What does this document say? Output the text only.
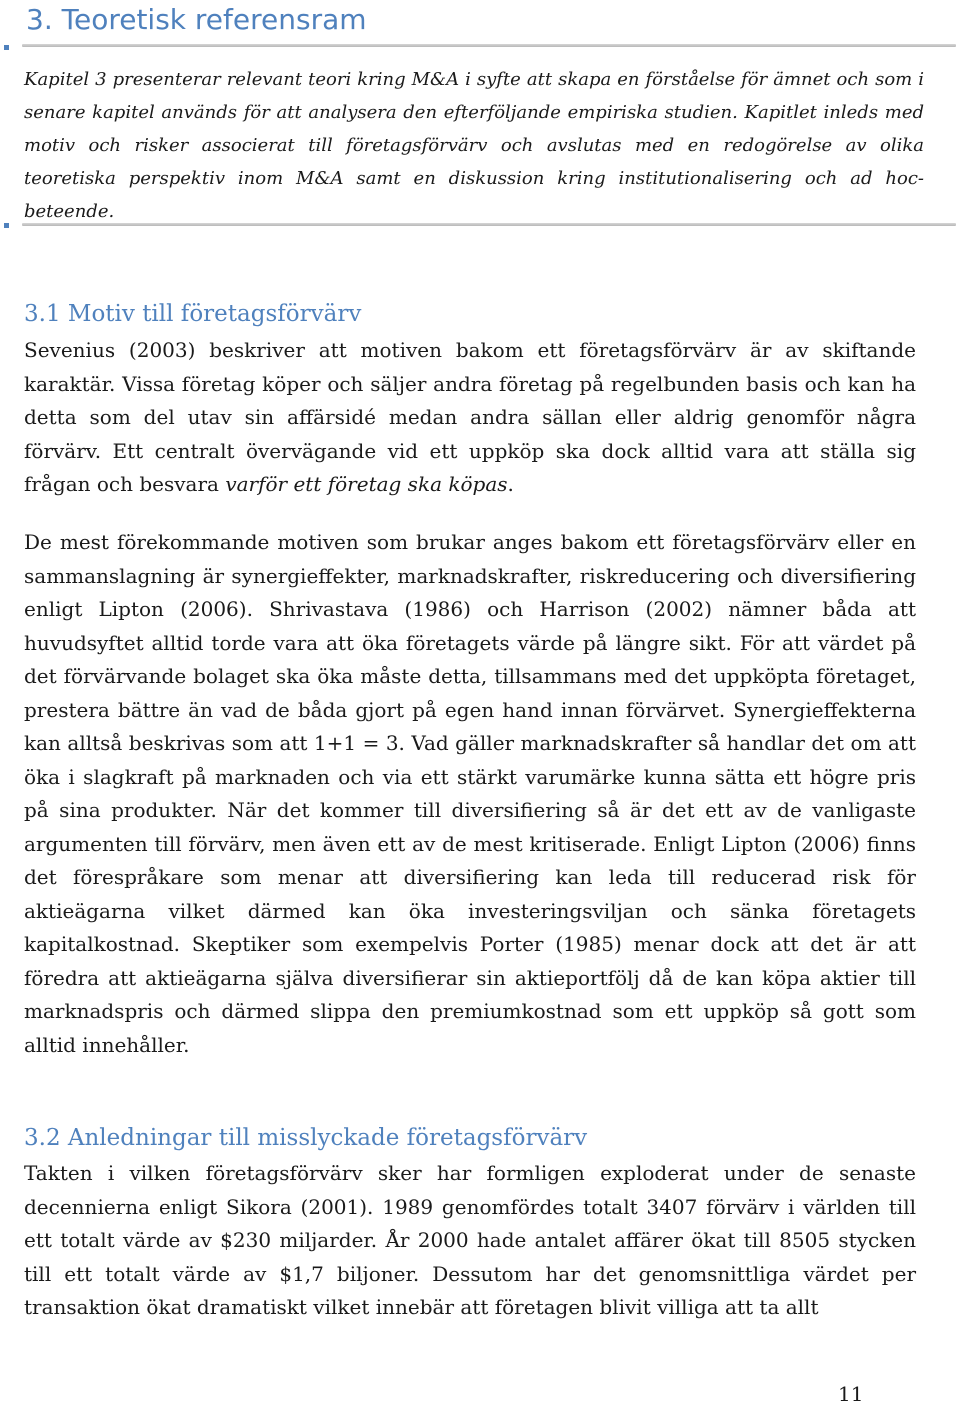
3. Teoretisk referensram

Kapitel 3 presenterar relevant teori kring M&A i syfte att skapa en förståelse för ämnet och som i senare kapitel används för att analysera den efterföljande empiriska studien. Kapitlet inleds med motiv och risker associerat till företagsförvärv och avslutas med en redogörelse av olika teoretiska perspektiv inom M&A samt en diskussion kring institutionalisering och ad hoc-beteende.

3.1 Motiv till företagsförvärv

Sevenius (2003) beskriver att motiven bakom ett företagsförvärv är av skiftande karaktär. Vissa företag köper och säljer andra företag på regelbunden basis och kan ha detta som del utav sin affärsidé medan andra sällan eller aldrig genomför några förvärv. Ett centralt övervägande vid ett uppköp ska dock alltid vara att ställa sig frågan och besvara varför ett företag ska köpas.

De mest förekommande motiven som brukar anges bakom ett företagsförvärv eller en sammanslagning är synergieffekter, marknadskrafter, riskreducering och diversifiering enligt Lipton (2006). Shrivastava (1986) och Harrison (2002) nämner båda att huvudsyftet alltid torde vara att öka företagets värde på längre sikt. För att värdet på det förvärvande bolaget ska öka måste detta, tillsammans med det uppköpta företaget, prestera bättre än vad de båda gjort på egen hand innan förvärvet. Synergieffekterna kan alltså beskrivas som att 1+1 = 3. Vad gäller marknadskrafter så handlar det om att öka i slagkraft på marknaden och via ett stärkt varumärke kunna sätta ett högre pris på sina produkter. När det kommer till diversifiering så är det ett av de vanligaste argumenten till förvärv, men även ett av de mest kritiserade. Enligt Lipton (2006) finns det förespråkare som menar att diversifiering kan leda till reducerad risk för aktieägarna vilket därmed kan öka investeringsviljan och sänka företagets kapitalkostnad. Skeptiker som exempelvis Porter (1985) menar dock att det är att föredra att aktieägarna själva diversifierar sin aktieportfölj då de kan köpa aktier till marknadspris och därmed slippa den premiumkostnad som ett uppköp så gott som alltid innehåller.

3.2 Anledningar till misslyckade företagsförvärv

Takten i vilken företagsförvärv sker har formligen exploderat under de senaste decennierna enligt Sikora (2001). 1989 genomfördes totalt 3407 förvärv i världen till ett totalt värde av $230 miljarder. År 2000 hade antalet affärer ökat till 8505 stycken till ett totalt värde av $1,7 biljoner. Dessutom har det genomsnittliga värdet per transaktion ökat dramatiskt vilket innebär att företagen blivit villiga att ta allt

11
